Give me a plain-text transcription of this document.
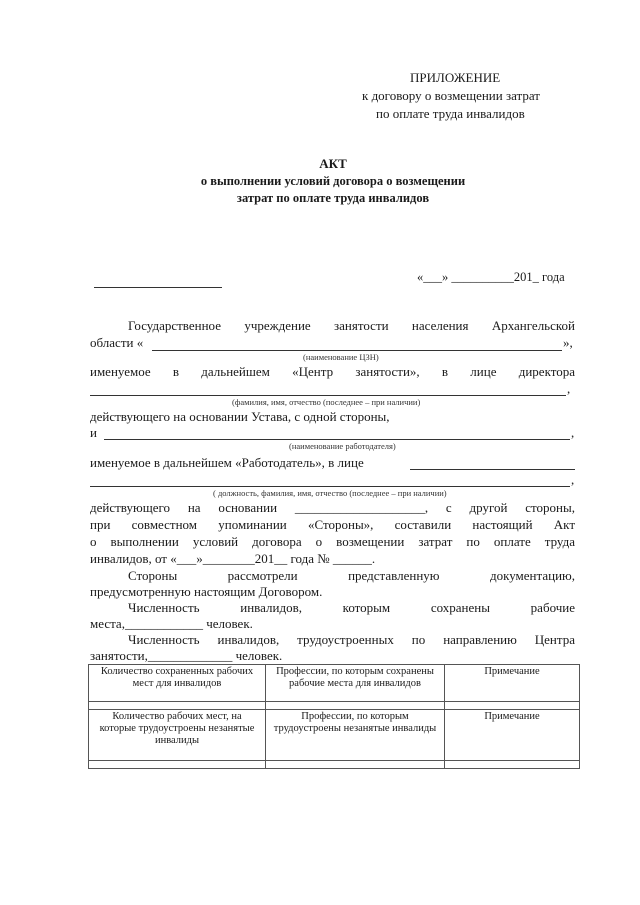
ПРИЛОЖЕНИЕ
к договору о возмещении затрат
по оплате труда инвалидов
АКТ
о выполнении условий договора о возмещении
затрат по оплате труда инвалидов
«___» __________201_ года
Государственное учреждение занятости населения Архангельской
области «	»,
(наименование ЦЗН)
именуемое в дальнейшем «Центр занятости», в лице директора
,
(фамилия, имя, отчество (последнее – при наличии)
действующего на основании Устава, с одной стороны,
и	,
(наименование работодателя)
именуемое в дальнейшем «Работодатель», в лице
,
( должность, фамилия, имя, отчество (последнее – при наличии)
действующего на основании ____________________, с другой стороны,
при совместном упоминании «Стороны», составили настоящий Акт
о выполнении условий договора о возмещении затрат по оплате труда
инвалидов, от «___»________201__ года № ______.
Стороны рассмотрели представленную документацию,
предусмотренную настоящим Договором.
Численность инвалидов, которым сохранены рабочие
места,____________ человек.
Численность инвалидов, трудоустроенных по направлению Центра
занятости,_____________ человек.
Количество сохраненных рабочих мест для инвалидов	Профессии, по которым сохранены рабочие места для инвалидов	Примечание

Количество рабочих мест, на которые трудоустроены незанятые инвалиды	Профессии, по которым трудоустроены незанятые инвалиды	Примечание
